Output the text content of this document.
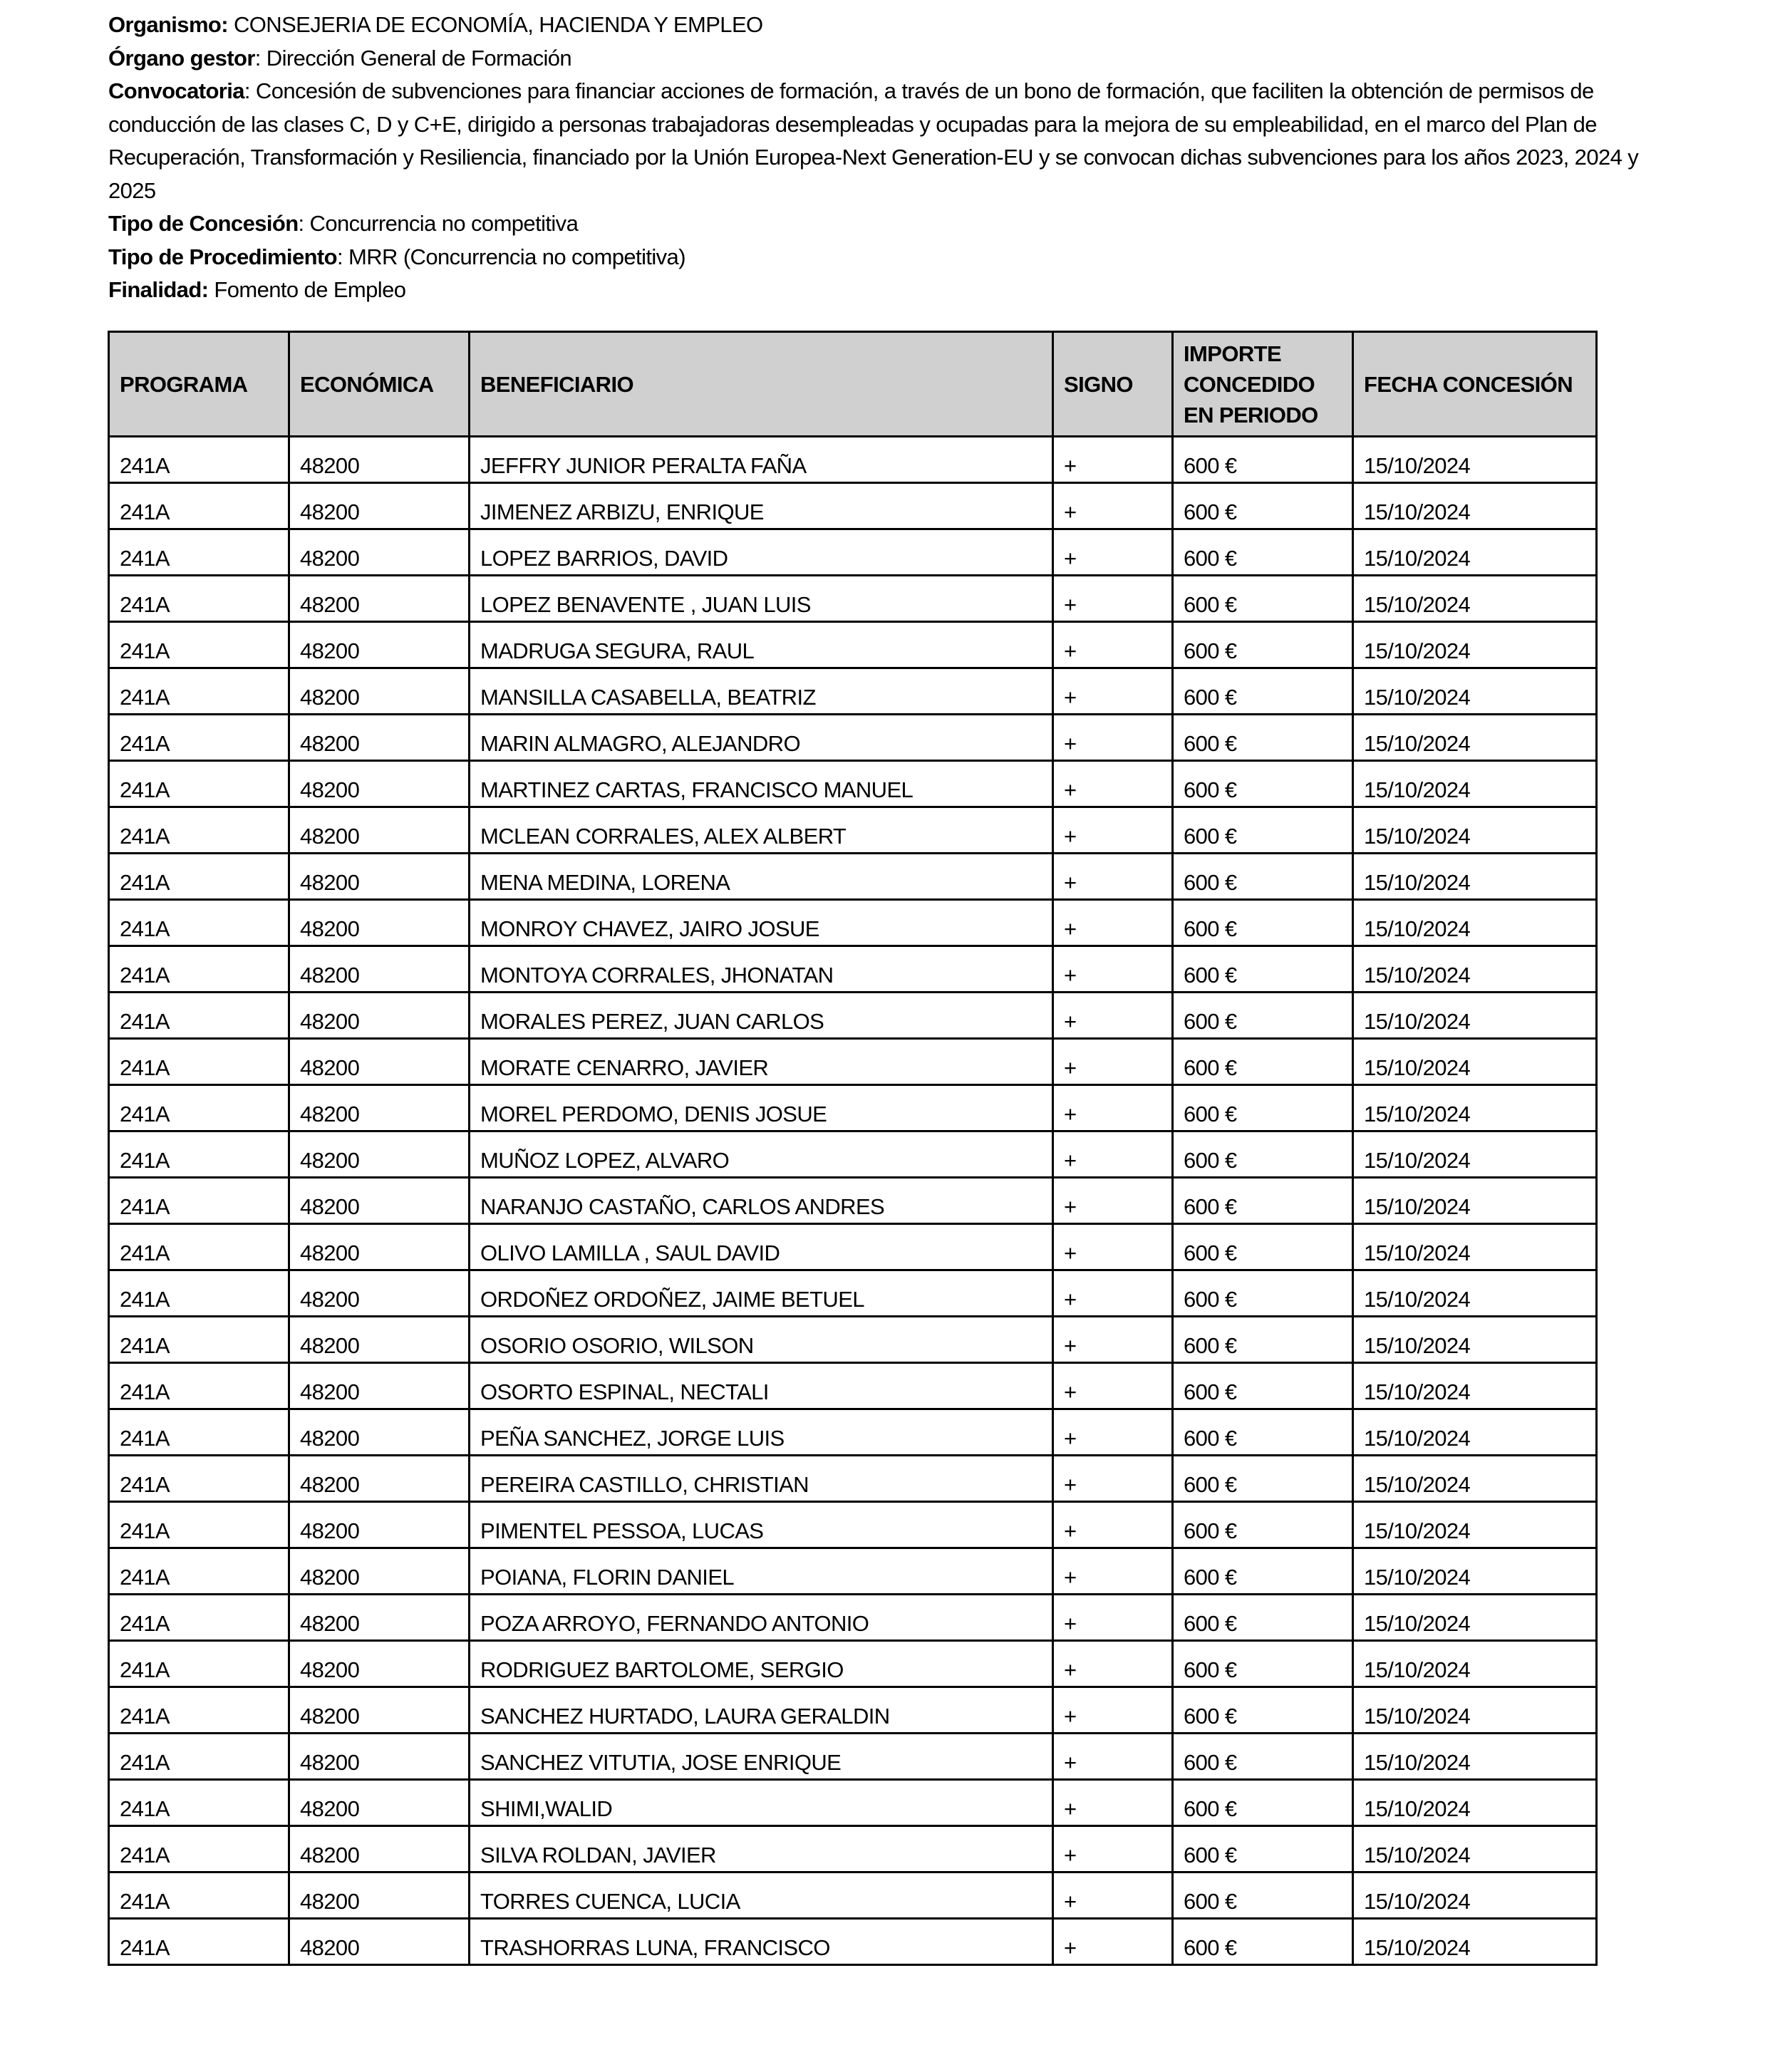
Organismo: CONSEJERIA DE ECONOMÍA, HACIENDA Y EMPLEO

Órgano gestor: Dirección General de Formación

Convocatoria: Concesión de subvenciones para financiar acciones de formación, a través de un bono de formación, que faciliten la obtención de permisos de conducción de las clases C, D y C+E, dirigido a personas trabajadoras desempleadas y ocupadas para la mejora de su empleabilidad, en el marco del Plan de Recuperación, Transformación y Resiliencia, financiado por la Unión Europea-Next Generation-EU y se convocan dichas subvenciones para los años 2023, 2024 y 2025

Tipo de Concesión: Concurrencia no competitiva

Tipo de Procedimiento: MRR (Concurrencia no competitiva)

Finalidad: Fomento de Empleo

PROGRAMA	ECONÓMICA	BENEFICIARIO	SIGNO	IMPORTE CONCEDIDO EN PERIODO	FECHA CONCESIÓN
241A	48200	JEFFRY JUNIOR PERALTA FAÑA	+	600 €	15/10/2024
241A	48200	JIMENEZ ARBIZU, ENRIQUE	+	600 €	15/10/2024
241A	48200	LOPEZ BARRIOS, DAVID	+	600 €	15/10/2024
241A	48200	LOPEZ BENAVENTE , JUAN LUIS	+	600 €	15/10/2024
241A	48200	MADRUGA SEGURA, RAUL	+	600 €	15/10/2024
241A	48200	MANSILLA CASABELLA, BEATRIZ	+	600 €	15/10/2024
241A	48200	MARIN ALMAGRO, ALEJANDRO	+	600 €	15/10/2024
241A	48200	MARTINEZ CARTAS, FRANCISCO MANUEL	+	600 €	15/10/2024
241A	48200	MCLEAN CORRALES, ALEX ALBERT	+	600 €	15/10/2024
241A	48200	MENA MEDINA, LORENA	+	600 €	15/10/2024
241A	48200	MONROY CHAVEZ, JAIRO JOSUE	+	600 €	15/10/2024
241A	48200	MONTOYA CORRALES, JHONATAN	+	600 €	15/10/2024
241A	48200	MORALES PEREZ, JUAN CARLOS	+	600 €	15/10/2024
241A	48200	MORATE CENARRO, JAVIER	+	600 €	15/10/2024
241A	48200	MOREL PERDOMO, DENIS JOSUE	+	600 €	15/10/2024
241A	48200	MUÑOZ LOPEZ, ALVARO	+	600 €	15/10/2024
241A	48200	NARANJO CASTAÑO, CARLOS ANDRES	+	600 €	15/10/2024
241A	48200	OLIVO LAMILLA , SAUL DAVID	+	600 €	15/10/2024
241A	48200	ORDOÑEZ ORDOÑEZ, JAIME BETUEL	+	600 €	15/10/2024
241A	48200	OSORIO OSORIO, WILSON	+	600 €	15/10/2024
241A	48200	OSORTO ESPINAL, NECTALI	+	600 €	15/10/2024
241A	48200	PEÑA SANCHEZ, JORGE LUIS	+	600 €	15/10/2024
241A	48200	PEREIRA CASTILLO, CHRISTIAN	+	600 €	15/10/2024
241A	48200	PIMENTEL PESSOA, LUCAS	+	600 €	15/10/2024
241A	48200	POIANA, FLORIN DANIEL	+	600 €	15/10/2024
241A	48200	POZA ARROYO, FERNANDO ANTONIO	+	600 €	15/10/2024
241A	48200	RODRIGUEZ BARTOLOME, SERGIO	+	600 €	15/10/2024
241A	48200	SANCHEZ HURTADO, LAURA GERALDIN	+	600 €	15/10/2024
241A	48200	SANCHEZ VITUTIA, JOSE ENRIQUE	+	600 €	15/10/2024
241A	48200	SHIMI,WALID	+	600 €	15/10/2024
241A	48200	SILVA ROLDAN, JAVIER	+	600 €	15/10/2024
241A	48200	TORRES CUENCA, LUCIA	+	600 €	15/10/2024
241A	48200	TRASHORRAS LUNA, FRANCISCO	+	600 €	15/10/2024
